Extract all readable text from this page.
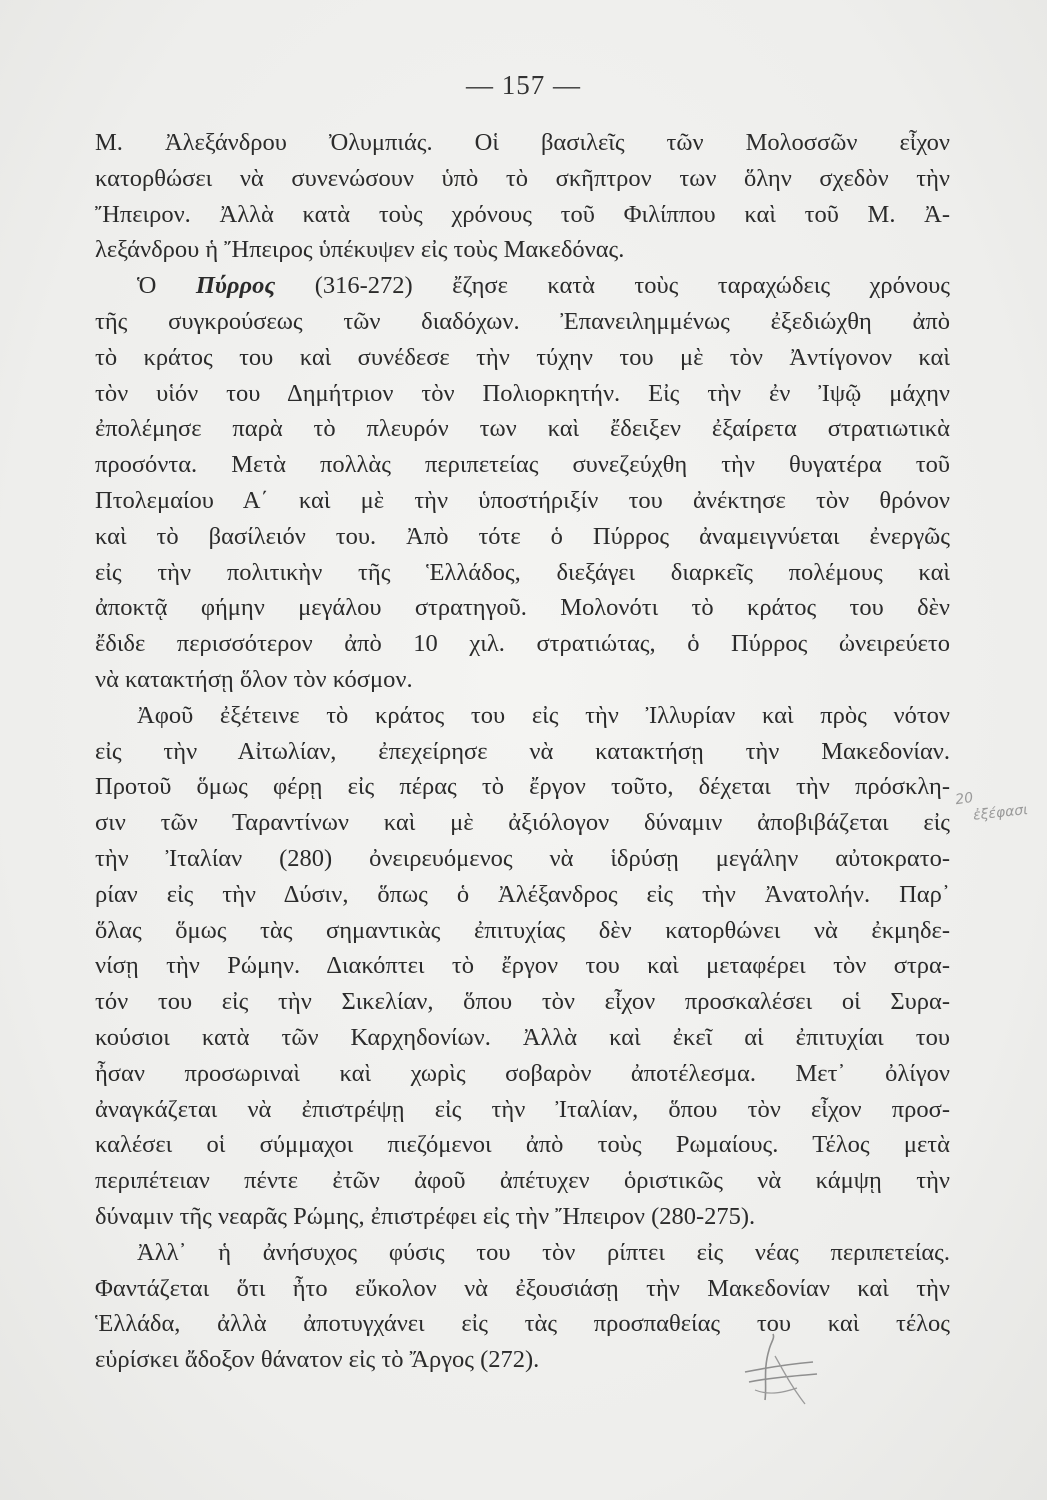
— 157 —
Μ. Ἀλεξάνδρου Ὀλυμπιάς. Οἱ βασιλεῖς τῶν Μολοσσῶν εἶχον
κατορθώσει νὰ συνενώσουν ὑπὸ τὸ σκῆπτρον των ὅλην σχεδὸν τὴν
Ἤπειρον. Ἀλλὰ κατὰ τοὺς χρόνους τοῦ Φιλίππου καὶ τοῦ Μ. Ἀ-
λεξάνδρου ἡ Ἤπειρος ὑπέκυψεν εἰς τοὺς Μακεδόνας.
Ὁ Πύρρος (316-272) ἔζησε κατὰ τοὺς ταραχώδεις χρόνους
τῆς συγκρούσεως τῶν διαδόχων. Ἐπανειλημμένως ἐξεδιώχθη ἀπὸ
τὸ κράτος του καὶ συνέδεσε τὴν τύχην του μὲ τὸν Ἀντίγονον καὶ
τὸν υἱόν του Δημήτριον τὸν Πολιορκητήν. Εἰς τὴν ἐν Ἰψῷ μάχην
ἐπολέμησε παρὰ τὸ πλευρόν των καὶ ἔδειξεν ἐξαίρετα στρατιωτικὰ
προσόντα. Μετὰ πολλὰς περιπετείας συνεζεύχθη τὴν θυγατέρα τοῦ
Πτολεμαίου Α΄ καὶ μὲ τὴν ὑποστήριξίν του ἀνέκτησε τὸν θρόνον
καὶ τὸ βασίλειόν του. Ἀπὸ τότε ὁ Πύρρος ἀναμειγνύεται ἐνεργῶς
εἰς τὴν πολιτικὴν τῆς Ἑλλάδος, διεξάγει διαρκεῖς πολέμους καὶ
ἀποκτᾷ φήμην μεγάλου στρατηγοῦ. Μολονότι τὸ κράτος του δὲν
ἔδιδε περισσότερον ἀπὸ 10 χιλ. στρατιώτας, ὁ Πύρρος ὠνειρεύετο
νὰ κατακτήσῃ ὅλον τὸν κόσμον.
Ἀφοῦ ἐξέτεινε τὸ κράτος του εἰς τὴν Ἰλλυρίαν καὶ πρὸς νότον
εἰς τὴν Αἰτωλίαν, ἐπεχείρησε νὰ κατακτήσῃ τὴν Μακεδονίαν.
Προτοῦ ὅμως φέρῃ εἰς πέρας τὸ ἔργον τοῦτο, δέχεται τὴν πρόσκλη-
σιν τῶν Ταραντίνων καὶ μὲ ἀξιόλογον δύναμιν ἀποβιβάζεται εἰς
τὴν Ἰταλίαν (280) ὀνειρευόμενος νὰ ἱδρύσῃ μεγάλην αὐτοκρατο-
ρίαν εἰς τὴν Δύσιν, ὅπως ὁ Ἀλέξανδρος εἰς τὴν Ἀνατολήν. Παρ᾽
ὅλας ὅμως τὰς σημαντικὰς ἐπιτυχίας δὲν κατορθώνει νὰ ἐκμηδε-
νίσῃ τὴν Ρώμην. Διακόπτει τὸ ἔργον του καὶ μεταφέρει τὸν στρα-
τόν του εἰς τὴν Σικελίαν, ὅπου τὸν εἶχον προσκαλέσει οἱ Συρα-
κούσιοι κατὰ τῶν Καρχηδονίων. Ἀλλὰ καὶ ἐκεῖ αἱ ἐπιτυχίαι του
ἦσαν προσωριναὶ καὶ χωρὶς σοβαρὸν ἀποτέλεσμα. Μετ᾽ ὀλίγον
ἀναγκάζεται νὰ ἐπιστρέψῃ εἰς τὴν Ἰταλίαν, ὅπου τὸν εἶχον προσ-
καλέσει οἱ σύμμαχοι πιεζόμενοι ἀπὸ τοὺς Ρωμαίους. Τέλος μετὰ
περιπέτειαν πέντε ἐτῶν ἀφοῦ ἀπέτυχεν ὁριστικῶς νὰ κάμψῃ τὴν
δύναμιν τῆς νεαρᾶς Ρώμης, ἐπιστρέφει εἰς τὴν Ἤπειρον (280-275).
Ἀλλ᾽ ἡ ἀνήσυχος φύσις του τὸν ρίπτει εἰς νέας περιπετείας.
Φαντάζεται ὅτι ἦτο εὔκολον νὰ ἐξουσιάσῃ τὴν Μακεδονίαν καὶ τὴν
Ἑλλάδα, ἀλλὰ ἀποτυγχάνει εἰς τὰς προσπαθείας του καὶ τέλος
εὑρίσκει ἄδοξον θάνατον εἰς τὸ Ἄργος (272).
20
ἐξέφασι
